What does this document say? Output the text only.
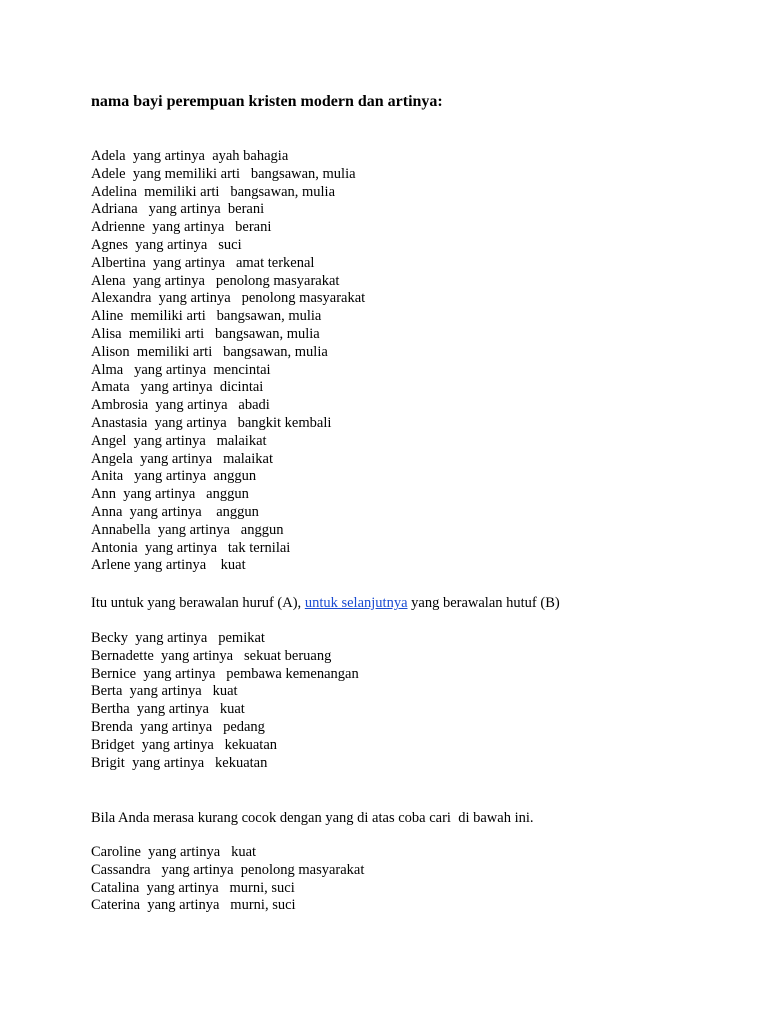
nama bayi perempuan kristen modern dan artinya:
Adela  yang artinya  ayah bahagia
Adele  yang memiliki arti   bangsawan, mulia
Adelina  memiliki arti   bangsawan, mulia
Adriana   yang artinya  berani
Adrienne  yang artinya   berani
Agnes  yang artinya   suci
Albertina  yang artinya   amat terkenal
Alena  yang artinya   penolong masyarakat
Alexandra  yang artinya   penolong masyarakat
Aline  memiliki arti   bangsawan, mulia
Alisa  memiliki arti   bangsawan, mulia
Alison  memiliki arti   bangsawan, mulia
Alma   yang artinya  mencintai
Amata   yang artinya  dicintai
Ambrosia  yang artinya   abadi
Anastasia  yang artinya   bangkit kembali
Angel  yang artinya   malaikat
Angela  yang artinya   malaikat
Anita   yang artinya  anggun
Ann  yang artinya   anggun
Anna  yang artinya    anggun
Annabella  yang artinya   anggun
Antonia  yang artinya   tak ternilai
Arlene yang artinya    kuat

Itu untuk yang berawalan huruf (A), untuk selanjutnya yang berawalan hutuf (B)

Becky  yang artinya   pemikat
Bernadette  yang artinya   sekuat beruang
Bernice  yang artinya   pembawa kemenangan
Berta  yang artinya   kuat
Bertha  yang artinya   kuat
Brenda  yang artinya   pedang
Bridget  yang artinya   kekuatan
Brigit  yang artinya   kekuatan

Bila Anda merasa kurang cocok dengan yang di atas coba cari  di bawah ini.

Caroline  yang artinya   kuat
Cassandra   yang artinya  penolong masyarakat
Catalina  yang artinya   murni, suci
Caterina  yang artinya   murni, suci
